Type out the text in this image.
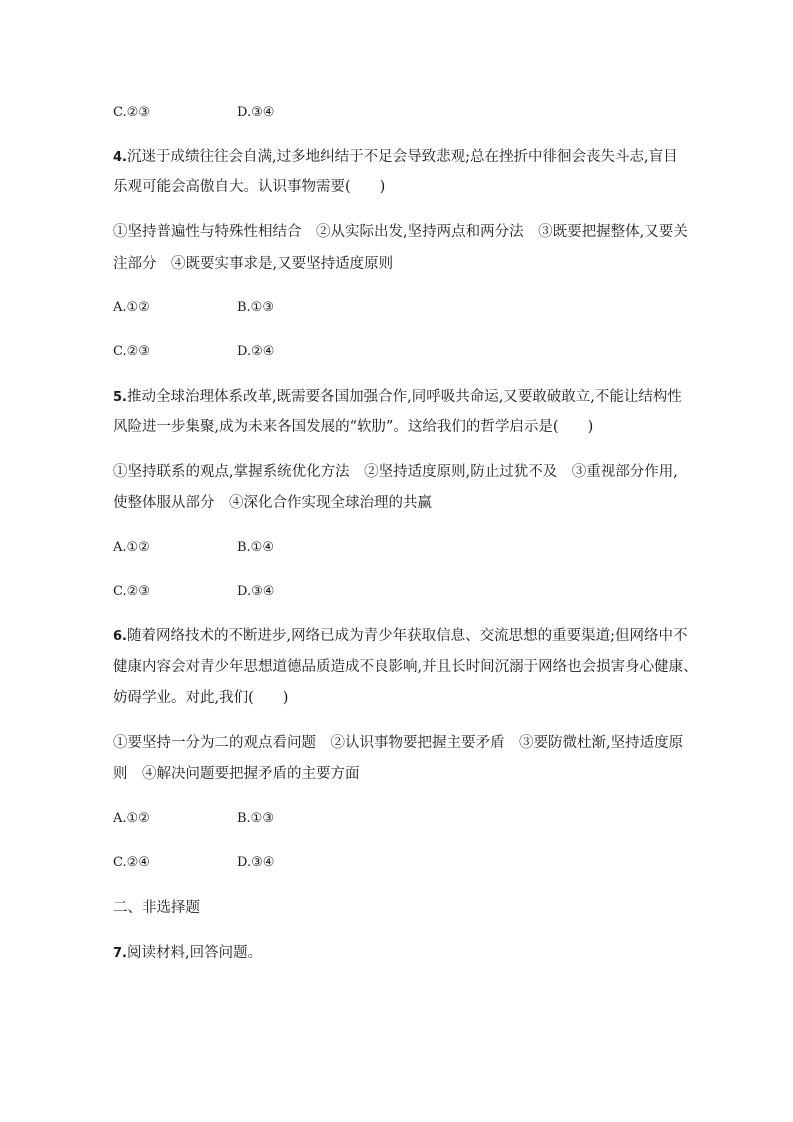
C.②③	D.③④
4.沉迷于成绩往往会自满,过多地纠结于不足会导致悲观;总在挫折中徘徊会丧失斗志,盲目
乐观可能会高傲自大。认识事物需要(　　)
①坚持普遍性与特殊性相结合　②从实际出发,坚持两点和两分法　③既要把握整体,又要关
注部分　④既要实事求是,又要坚持适度原则
A.①②	B.①③
C.②③	D.②④
5.推动全球治理体系改革,既需要各国加强合作,同呼吸共命运,又要敢破敢立,不能让结构性
风险进一步集聚,成为未来各国发展的“软肋”。这给我们的哲学启示是(　　)
①坚持联系的观点,掌握系统优化方法　②坚持适度原则,防止过犹不及　③重视部分作用,
使整体服从部分　④深化合作实现全球治理的共赢
A.①②	B.①④
C.②③	D.③④
6.随着网络技术的不断进步,网络已成为青少年获取信息、交流思想的重要渠道;但网络中不
健康内容会对青少年思想道德品质造成不良影响,并且长时间沉溺于网络也会损害身心健康、
妨碍学业。对此,我们(　　)
①要坚持一分为二的观点看问题　②认识事物要把握主要矛盾　③要防微杜渐,坚持适度原
则　④解决问题要把握矛盾的主要方面
A.①②	B.①③
C.②④	D.③④
二、非选择题
7.阅读材料,回答问题。
